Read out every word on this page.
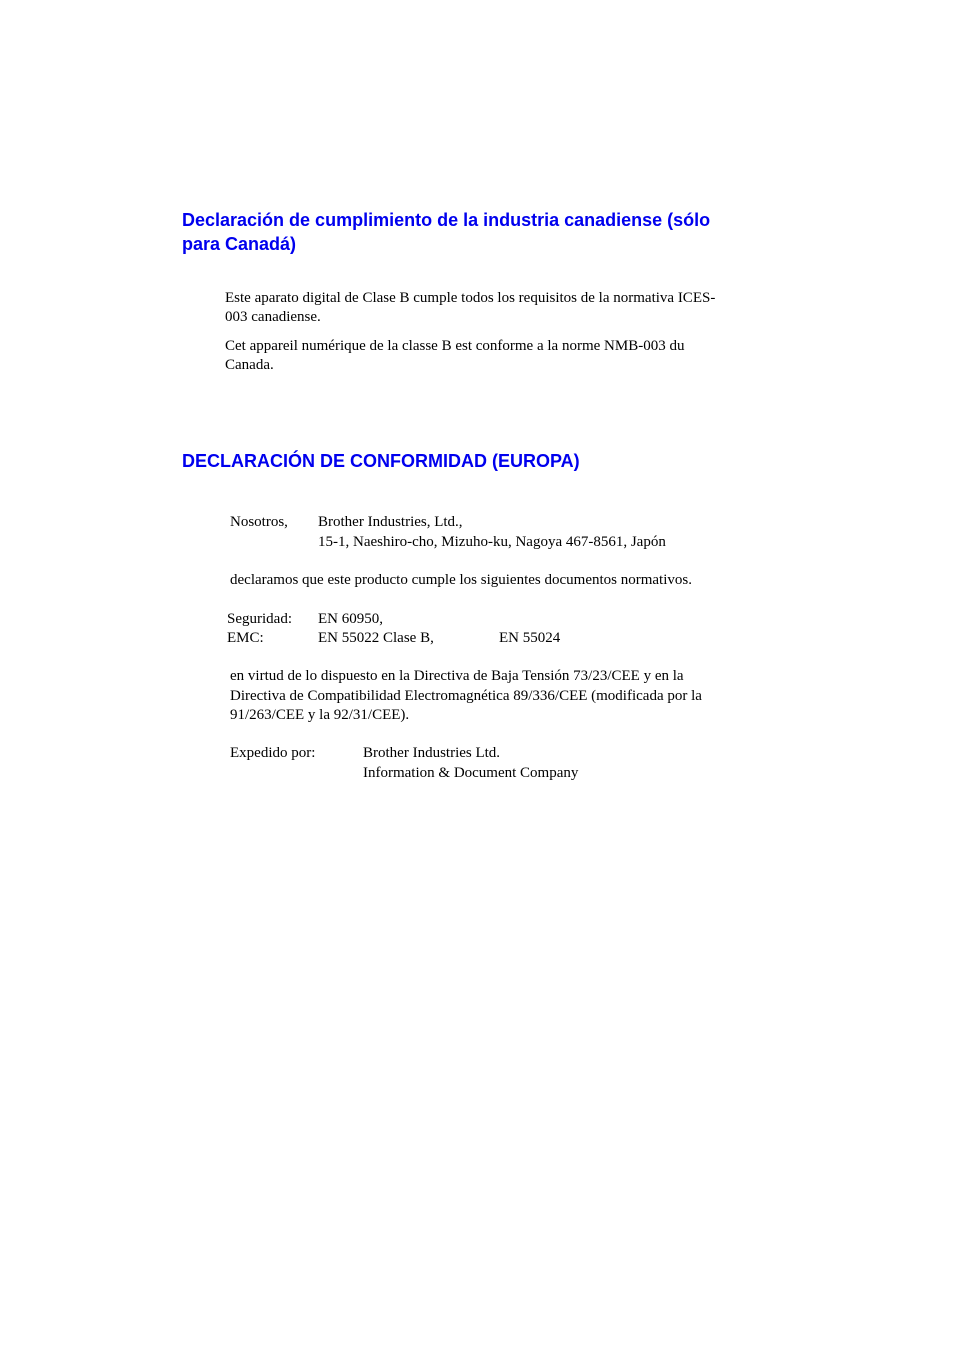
Declaración de cumplimiento de la industria canadiense (sólo
para Canadá)
Este aparato digital de Clase B cumple todos los requisitos de la normativa ICES-
003 canadiense.
Cet appareil numérique de la classe B est conforme a la norme NMB-003 du
Canada.
DECLARACIÓN DE CONFORMIDAD (EUROPA)
Nosotros, Brother Industries, Ltd.,
15-1, Naeshiro-cho, Mizuho-ku, Nagoya 467-8561, Japón
declaramos que este producto cumple los siguientes documentos normativos.
Seguridad: EN 60950,
EMC:	EN 55022 Clase B,	EN 55024
en virtud de lo dispuesto en la Directiva de Baja Tensión 73/23/CEE y en la
Directiva de Compatibilidad Electromagnética 89/336/CEE (modificada por la
91/263/CEE y la 92/31/CEE).
Expedido por:	Brother Industries Ltd.
Information & Document Company
